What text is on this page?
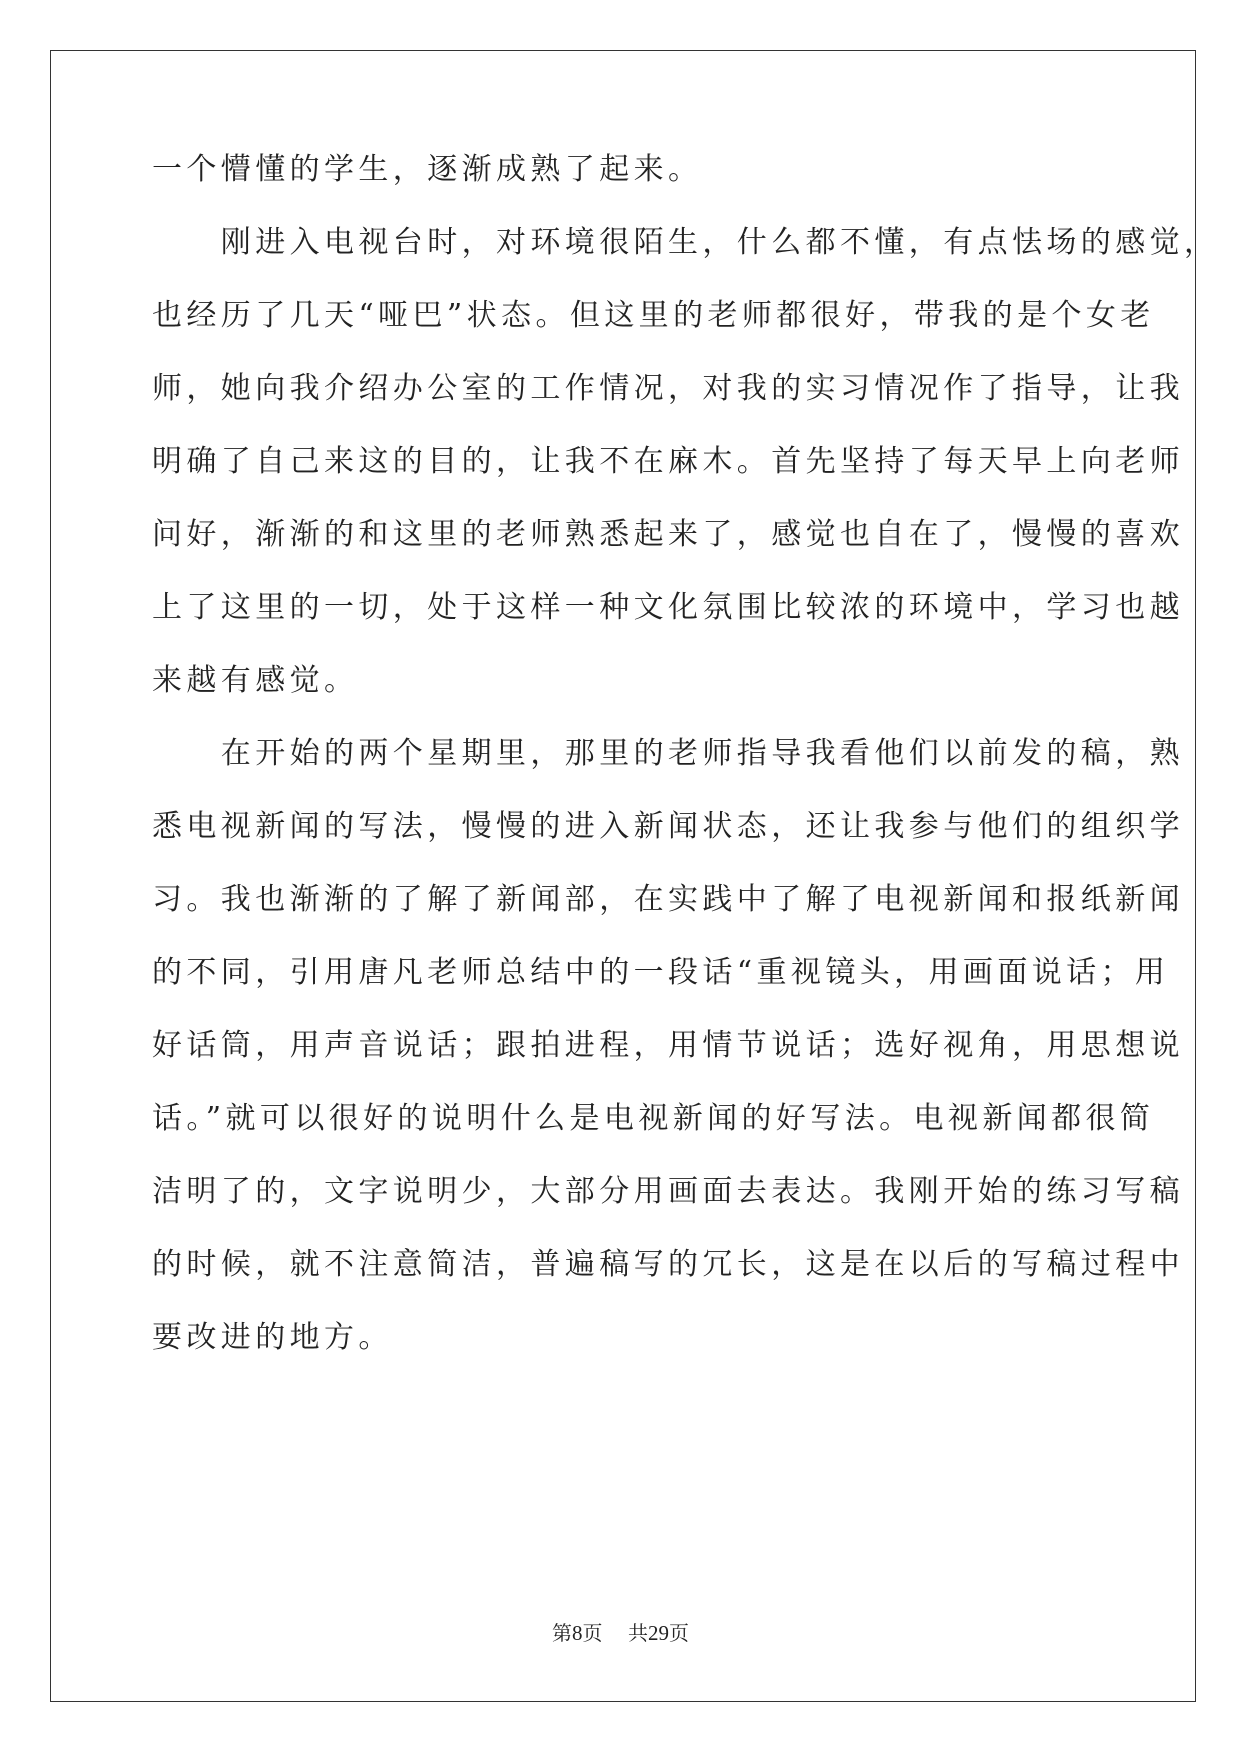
一个懵懂的学生，逐渐成熟了起来。
　　刚进入电视台时，对环境很陌生，什么都不懂，有点怯场的感觉，
也经历了几天“哑巴”状态。但这里的老师都很好，带我的是个女老
师，她向我介绍办公室的工作情况，对我的实习情况作了指导，让我
明确了自己来这的目的，让我不在麻木。首先坚持了每天早上向老师
问好，渐渐的和这里的老师熟悉起来了，感觉也自在了，慢慢的喜欢
上了这里的一切，处于这样一种文化氛围比较浓的环境中，学习也越
来越有感觉。
　　在开始的两个星期里，那里的老师指导我看他们以前发的稿，熟
悉电视新闻的写法，慢慢的进入新闻状态，还让我参与他们的组织学
习。我也渐渐的了解了新闻部，在实践中了解了电视新闻和报纸新闻
的不同，引用唐凡老师总结中的一段话“重视镜头，用画面说话；用
好话筒，用声音说话；跟拍进程，用情节说话；选好视角，用思想说
话。”就可以很好的说明什么是电视新闻的好写法。电视新闻都很简
洁明了的，文字说明少，大部分用画面去表达。我刚开始的练习写稿
的时候，就不注意简洁，普遍稿写的冗长，这是在以后的写稿过程中
要改进的地方。
第8页 共29页
